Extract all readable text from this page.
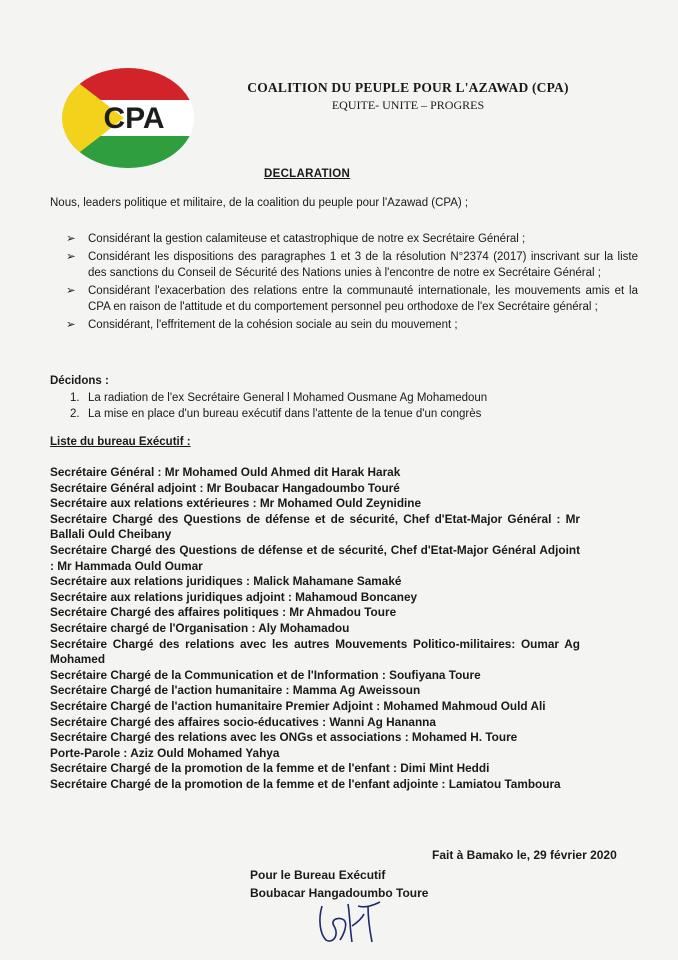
CPA
COALITION DU PEUPLE POUR L'AZAWAD (CPA)
EQUITE- UNITE – PROGRES
DECLARATION
Nous, leaders politique et militaire, de la coalition du peuple pour l'Azawad (CPA) ;
➢	Considérant la gestion calamiteuse et catastrophique de notre ex Secrétaire Général ;
➢	Considérant les dispositions des paragraphes 1 et 3 de la résolution N°2374 (2017) inscrivant sur la liste des sanctions du Conseil de Sécurité des Nations unies à l'encontre de notre ex Secrétaire Général ;
➢	Considérant l'exacerbation des relations entre la communauté internationale, les mouvements amis et la CPA en raison de l'attitude et du comportement personnel peu orthodoxe de l'ex Secrétaire général ;
➢	Considérant, l'effritement de la cohésion sociale au sein du mouvement ;
Décidons :
1. La radiation de l'ex Secrétaire General l Mohamed Ousmane Ag Mohamedoun
2. La mise en place d'un bureau exécutif dans l'attente de la tenue d'un congrès
Liste du bureau Exécutif :
Secrétaire Général : Mr Mohamed Ould Ahmed dit Harak Harak
Secrétaire Général adjoint : Mr Boubacar Hangadoumbo Touré
Secrétaire aux relations extérieures : Mr Mohamed Ould Zeynidine
Secrétaire Chargé des Questions de défense et de sécurité, Chef d'Etat-Major Général : Mr Ballali Ould Cheibany
Secrétaire Chargé des Questions de défense et de sécurité, Chef d'Etat-Major Général Adjoint : Mr Hammada Ould Oumar
Secrétaire aux relations juridiques : Malick Mahamane Samaké
Secrétaire aux relations juridiques adjoint : Mahamoud Boncaney
Secrétaire Chargé des affaires politiques : Mr Ahmadou Toure
Secrétaire chargé de l'Organisation : Aly Mohamadou
Secrétaire Chargé des relations avec les autres Mouvements Politico-militaires: Oumar Ag Mohamed
Secrétaire Chargé de la Communication et de l'Information : Soufiyana Toure
Secrétaire Chargé de l'action humanitaire : Mamma Ag Aweissoun
Secrétaire Chargé de l'action humanitaire Premier Adjoint : Mohamed Mahmoud Ould Ali
Secrétaire Chargé des affaires socio-éducatives : Wanni Ag Hananna
Secrétaire Chargé des relations avec les ONGs et associations : Mohamed H. Toure
Porte-Parole : Aziz Ould Mohamed Yahya
Secrétaire Chargé de la promotion de la femme et de l'enfant : Dimi Mint Heddi
Secrétaire Chargé de la promotion de la femme et de l'enfant adjointe : Lamiatou Tamboura
Fait à Bamako le, 29 février 2020
Pour le Bureau Exécutif
Boubacar Hangadoumbo Toure
